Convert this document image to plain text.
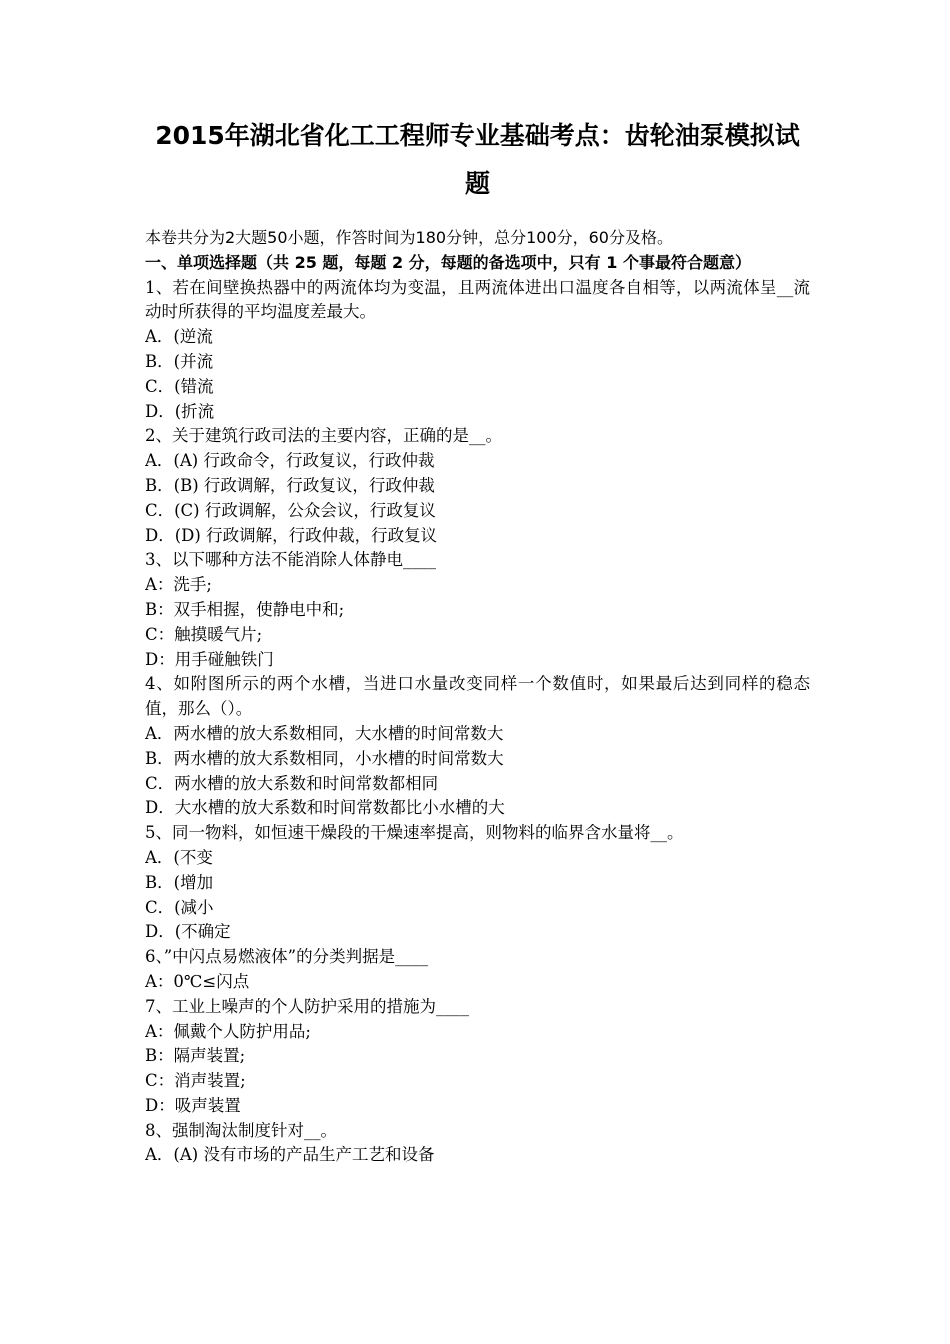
2015年湖北省化工工程师专业基础考点：齿轮油泵模拟试
题
本卷共分为2大题50小题，作答时间为180分钟，总分100分，60分及格。
一、单项选择题（共 25 题，每题 2 分，每题的备选项中，只有 1 个事最符合题意）
1、若在间壁换热器中的两流体均为变温，且两流体进出口温度各自相等，以两流体呈__流动时所获得的平均温度差最大。
A．(逆流
B．(并流
C．(错流
D．(折流
2、关于建筑行政司法的主要内容，正确的是__。
A．(A) 行政命令，行政复议，行政仲裁
B．(B) 行政调解，行政复议，行政仲裁
C．(C) 行政调解，公众会议，行政复议
D．(D) 行政调解，行政仲裁，行政复议
3、以下哪种方法不能消除人体静电____
A：洗手;
B：双手相握，使静电中和;
C：触摸暖气片;
D：用手碰触铁门
4、如附图所示的两个水槽，当进口水量改变同样一个数值时，如果最后达到同样的稳态值，那么（）。
A．两水槽的放大系数相同，大水槽的时间常数大
B．两水槽的放大系数相同，小水槽的时间常数大
C．两水槽的放大系数和时间常数都相同
D．大水槽的放大系数和时间常数都比小水槽的大
5、同一物料，如恒速干燥段的干燥速率提高，则物料的临界含水量将__。
A．(不变
B．(增加
C．(减小
D．(不确定
6、”中闪点易燃液体”的分类判据是____
A：0℃≤闪点
7、工业上噪声的个人防护采用的措施为____
A：佩戴个人防护用品;
B：隔声装置;
C：消声装置;
D：吸声装置
8、强制淘汰制度针对__。
A．(A) 没有市场的产品生产工艺和设备
